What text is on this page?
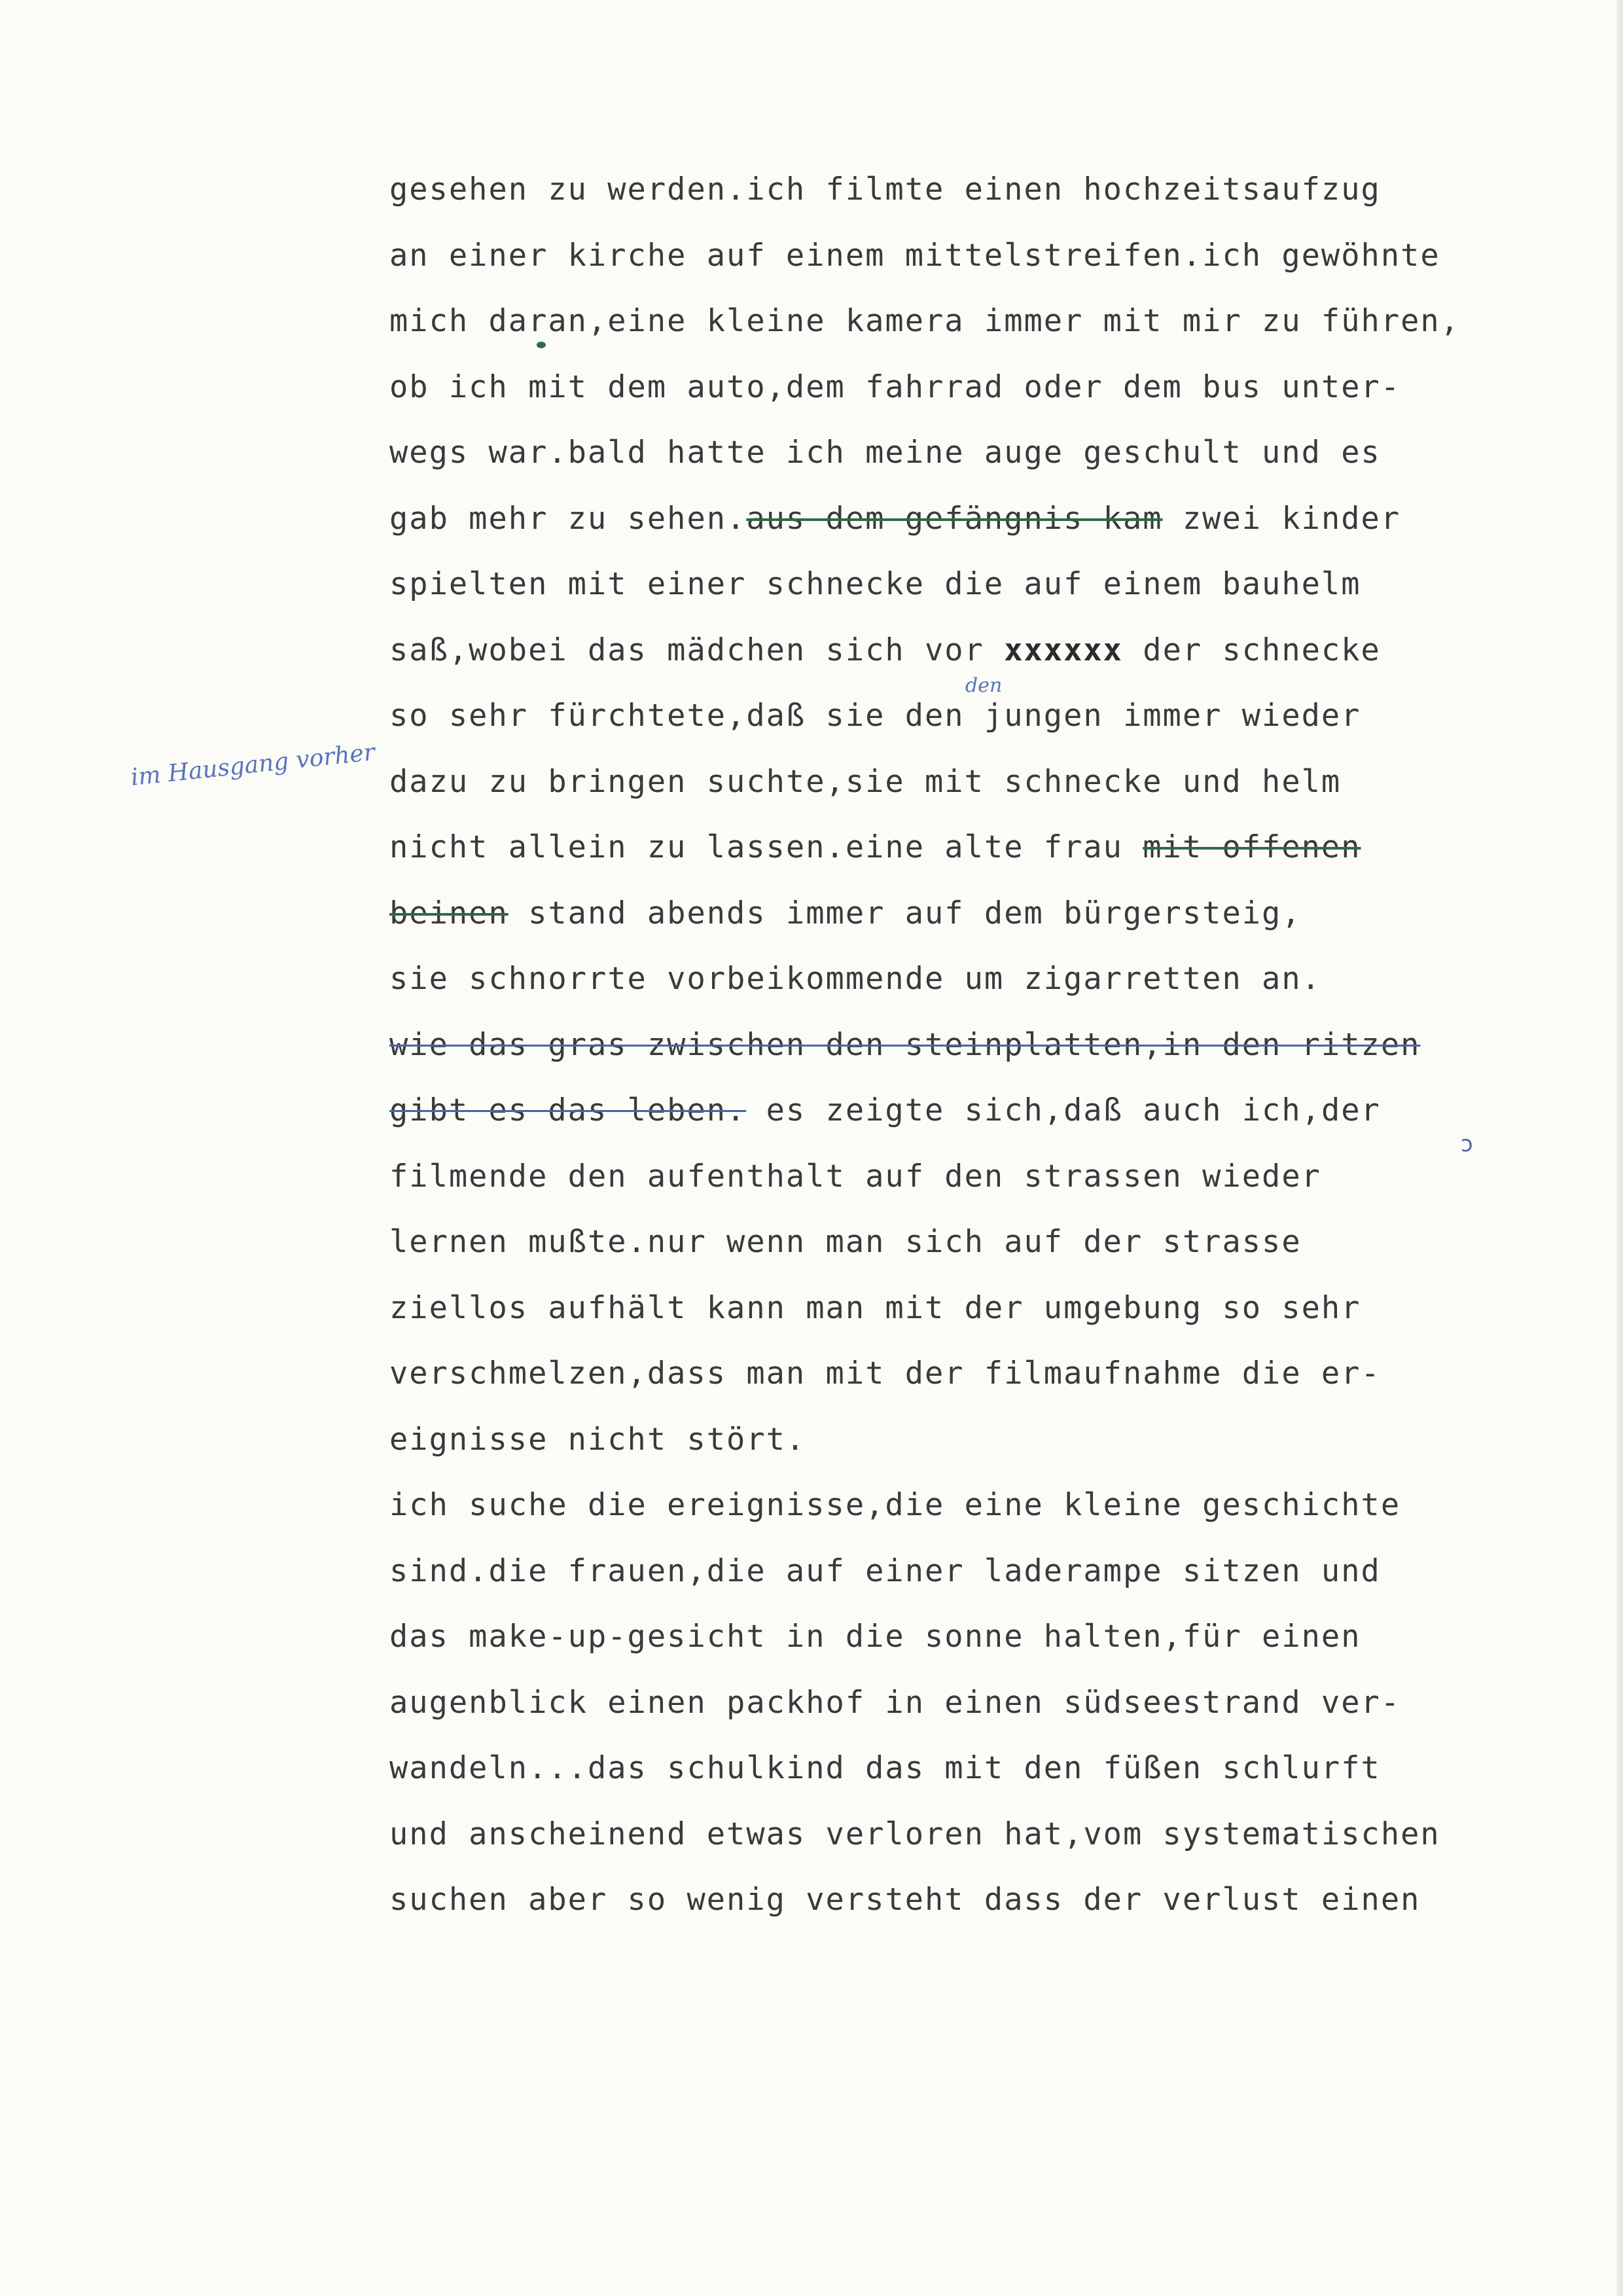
im Hausgang vorher
den
ↄ
gesehen zu werden.ich filmte einen hochzeitsaufzug
an einer kirche auf einem mittelstreifen.ich gewöhnte
mich daran,eine kleine kamera immer mit mir zu führen,
ob ich mit dem auto,dem fahrrad oder dem bus unter-
wegs war.bald hatte ich meine auge geschult und es
gab mehr zu sehen.aus dem gefängnis kam zwei kinder
spielten mit einer schnecke die auf einem bauhelm
saß,wobei das mädchen sich vor xxxxxx der schnecke
so sehr fürchtete,daß sie den jungen immer wieder
dazu zu bringen suchte,sie mit schnecke und helm
nicht allein zu lassen.eine alte frau mit offenen
beinen stand abends immer auf dem bürgersteig,
sie schnorrte vorbeikommende um zigarretten an.
wie das gras zwischen den steinplatten,in den ritzen
gibt es das leben. es zeigte sich,daß auch ich,der
filmende den aufenthalt auf den strassen wieder
lernen mußte.nur wenn man sich auf der strasse
ziellos aufhält kann man mit der umgebung so sehr
verschmelzen,dass man mit der filmaufnahme die er-
eignisse nicht stört.
ich suche die ereignisse,die eine kleine geschichte
sind.die frauen,die auf einer laderampe sitzen und
das make-up-gesicht in die sonne halten,für einen
augenblick einen packhof in einen südseestrand ver-
wandeln...das schulkind das mit den füßen schlurft
und anscheinend etwas verloren hat,vom systematischen
suchen aber so wenig versteht dass der verlust einen
